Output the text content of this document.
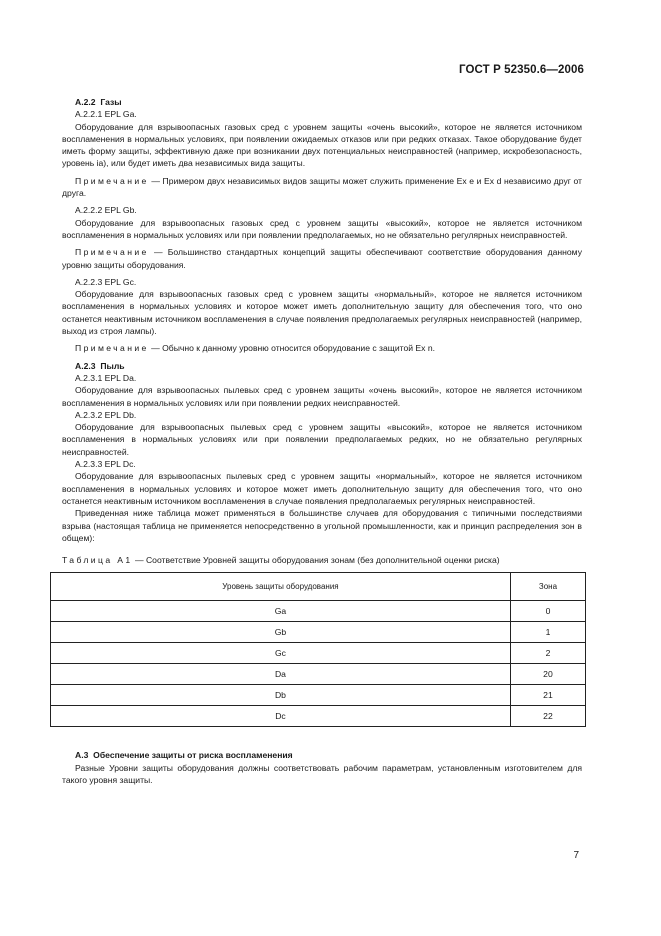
ГОСТ Р 52350.6—2006

А.2.2 Газы

А.2.2.1 EPL Ga.

Оборудование для взрывоопасных газовых сред с уровнем защиты «очень высокий», которое не является источником воспламенения в нормальных условиях, при появлении ожидаемых отказов или при редких отказах. Такое оборудование будет иметь форму защиты, эффективную даже при возникании двух потенциальных неисправностей (например, искробезопасность, уровень ia), или будет иметь два независимых вида защиты.

Примечание — Примером двух независимых видов защиты может служить применение Ex e и Ex d независимо друг от друга.

А.2.2.2 EPL Gb.

Оборудование для взрывоопасных газовых сред с уровнем защиты «высокий», которое не является источником воспламенения в нормальных условиях или при появлении предполагаемых, но не обязательно регулярных неисправностей.

Примечание — Большинство стандартных концепций защиты обеспечивают соответствие оборудования данному уровню защиты оборудования.

А.2.2.3 EPL Gc.

Оборудование для взрывоопасных газовых сред с уровнем защиты «нормальный», которое не является источником воспламенения в нормальных условиях и которое может иметь дополнительную защиту для обеспечения того, что оно останется неактивным источником воспламенения в случае появления предполагаемых регулярных неисправностей (например, выход из строя лампы).

Примечание — Обычно к данному уровню относится оборудование с защитой Ex n.

А.2.3 Пыль

А.2.3.1 EPL Da.

Оборудование для взрывоопасных пылевых сред с уровнем защиты «очень высокий», которое не является источником воспламенения в нормальных условиях или при появлении редких неисправностей.

А.2.3.2 EPL Db.

Оборудование для взрывоопасных пылевых сред с уровнем защиты «высокий», которое не является источником воспламенения в нормальных условиях или при появлении предполагаемых редких, но не обязательно регулярных неисправностей.

А.2.3.3 EPL Dc.

Оборудование для взрывоопасных пылевых сред с уровнем защиты «нормальный», которое не является источником воспламенения в нормальных условиях и которое может иметь дополнительную защиту для обеспечения того, что оно останется неактивным источником воспламенения в случае появления предполагаемых регулярных неисправностей.

Приведенная ниже таблица может применяться в большинстве случаев для оборудования с типичными последствиями взрыва (настоящая таблица не применяется непосредственно в угольной промышленности, как и принцип распределения зон в общем):

Таблица А1 — Соответствие Уровней защиты оборудования зонам (без дополнительной оценки риска)

Уровень защиты оборудования	Зона
Ga	0
Gb	1
Gc	2
Da	20
Db	21
Dc	22

А.3 Обеспечение защиты от риска воспламенения

Разные Уровни защиты оборудования должны соответствовать рабочим параметрам, установленным изготовителем для такого уровня защиты.

7
